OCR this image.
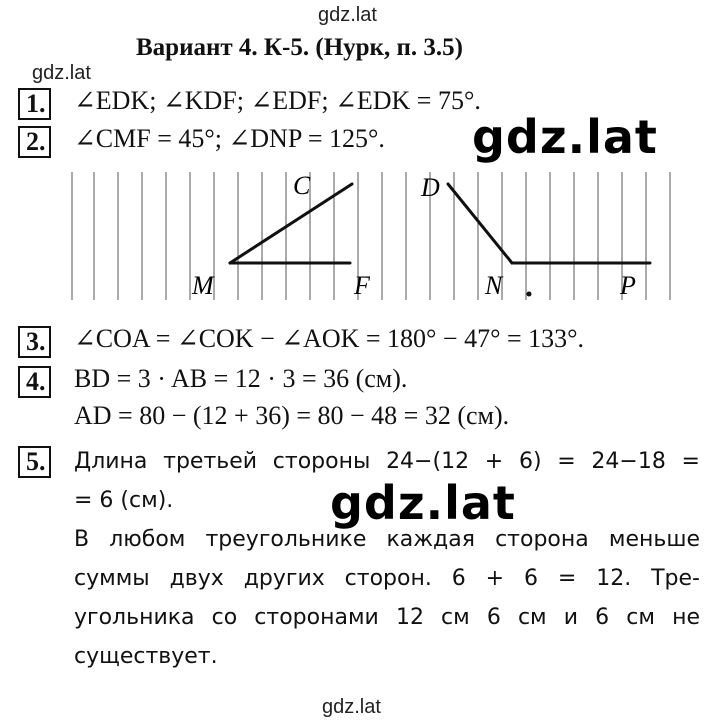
gdz.lat
gdz.lat
gdz.lat
gdz.lat
gdz.lat
Вариант 4. К-5. (Нурк, п. 3.5)
1. ∠EDK; ∠KDF; ∠EDF; ∠EDK = 75°.
2. ∠CMF = 45°; ∠DNP = 125°.
C
M	F
D
N	P
3. ∠COA = ∠COK − ∠AOK = 180° − 47° = 133°.
4. BD = 3 · AB = 12 · 3 = 36 (см).
AD = 80 − (12 + 36) = 80 − 48 = 32 (см).
5. Длина третьей стороны 24−(12 + 6) = 24−18 =
= 6 (см).
В любом треугольнике каждая сторона меньше
суммы двух других сторон. 6 + 6 = 12. Тре-
угольника со сторонами 12 см 6 см и 6 см не
существует.
